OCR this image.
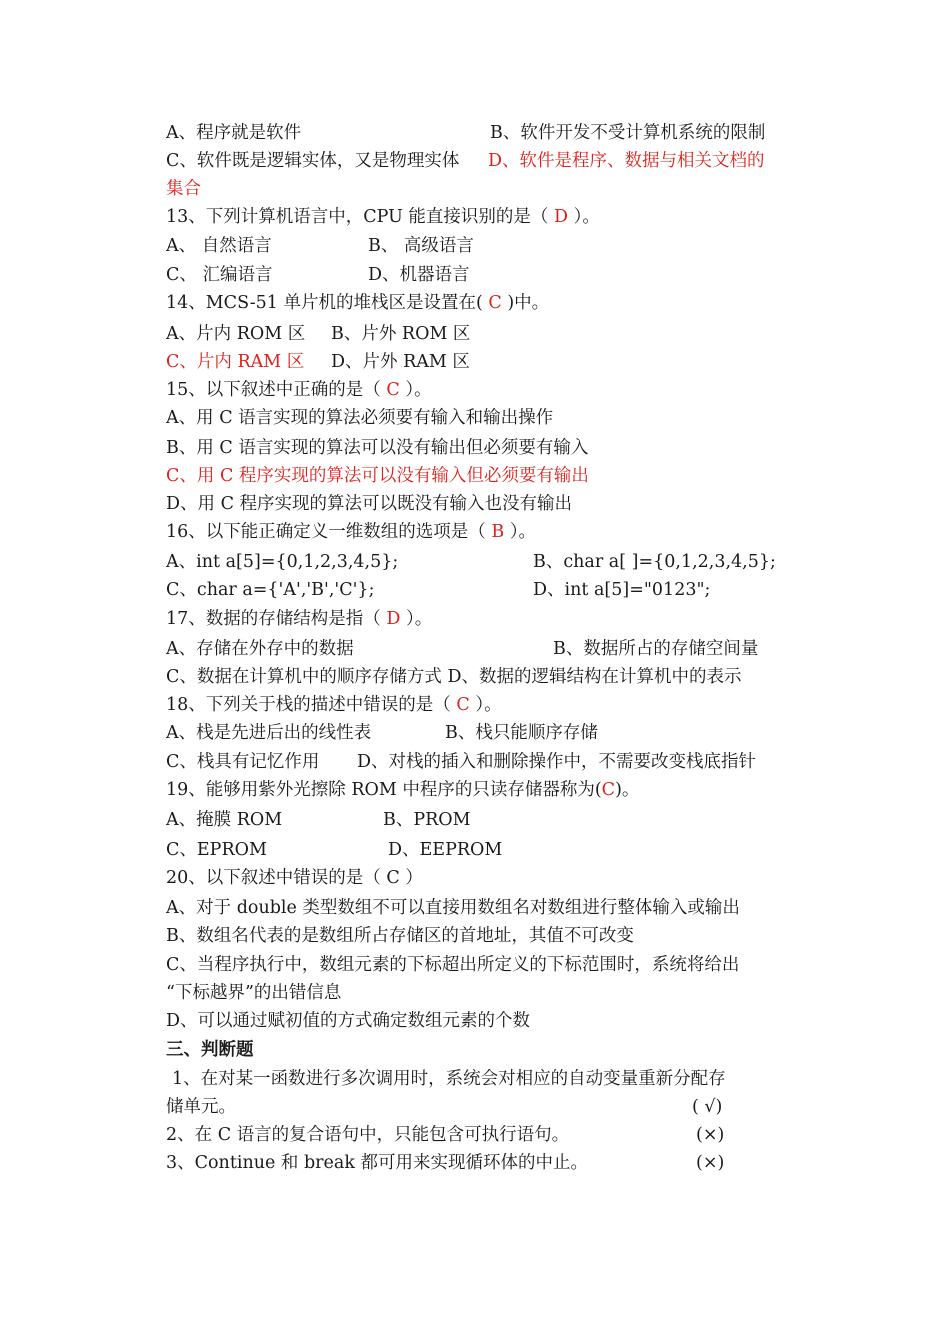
A、程序就是软件	B、软件开发不受计算机系统的限制
C、软件既是逻辑实体，又是物理实体 D、软件是程序、数据与相关文档的
集合
13、下列计算机语言中，CPU 能直接识别的是（ D ）。
A、 自然语言	B、 高级语言
C、 汇编语言	D、机器语言
14、MCS-51 单片机的堆栈区是设置在( C )中。
A、片内 ROM 区 B、片外 ROM 区
C、片内 RAM 区 D、片外 RAM 区
15、以下叙述中正确的是（ C ）。
A、用 C 语言实现的算法必须要有输入和输出操作
B、用 C 语言实现的算法可以没有输出但必须要有输入
C、用 C 程序实现的算法可以没有输入但必须要有输出
D、用 C 程序实现的算法可以既没有输入也没有输出
16、以下能正确定义一维数组的选项是（ B ）。
A、int a[5]={0,1,2,3,4,5};	B、char a[ ]={0,1,2,3,4,5};
C、char a={'A','B','C'};	D、int a[5]="0123";
17、数据的存储结构是指（ D ）。
A、存储在外存中的数据	B、数据所占的存储空间量
C、数据在计算机中的顺序存储方式 D、数据的逻辑结构在计算机中的表示
18、下列关于栈的描述中错误的是（ C ）。
A、栈是先进后出的线性表	B、栈只能顺序存储
C、栈具有记忆作用 D、对栈的插入和删除操作中，不需要改变栈底指针
19、能够用紫外光擦除 ROM 中程序的只读存储器称为(C)。
A、掩膜 ROM	B、PROM
C、EPROM	D、EEPROM
20、以下叙述中错误的是（ C ）
A、对于 double 类型数组不可以直接用数组名对数组进行整体输入或输出
B、数组名代表的是数组所占存储区的首地址，其值不可改变
C、当程序执行中，数组元素的下标超出所定义的下标范围时，系统将给出
“下标越界”的出错信息
D、可以通过赋初值的方式确定数组元素的个数
三、判断题
1、在对某一函数进行多次调用时，系统会对相应的自动变量重新分配存
储单元。	( √)
2、在 C 语言的复合语句中，只能包含可执行语句。	(×)
3、Continue 和 break 都可用来实现循环体的中止。	(×)
